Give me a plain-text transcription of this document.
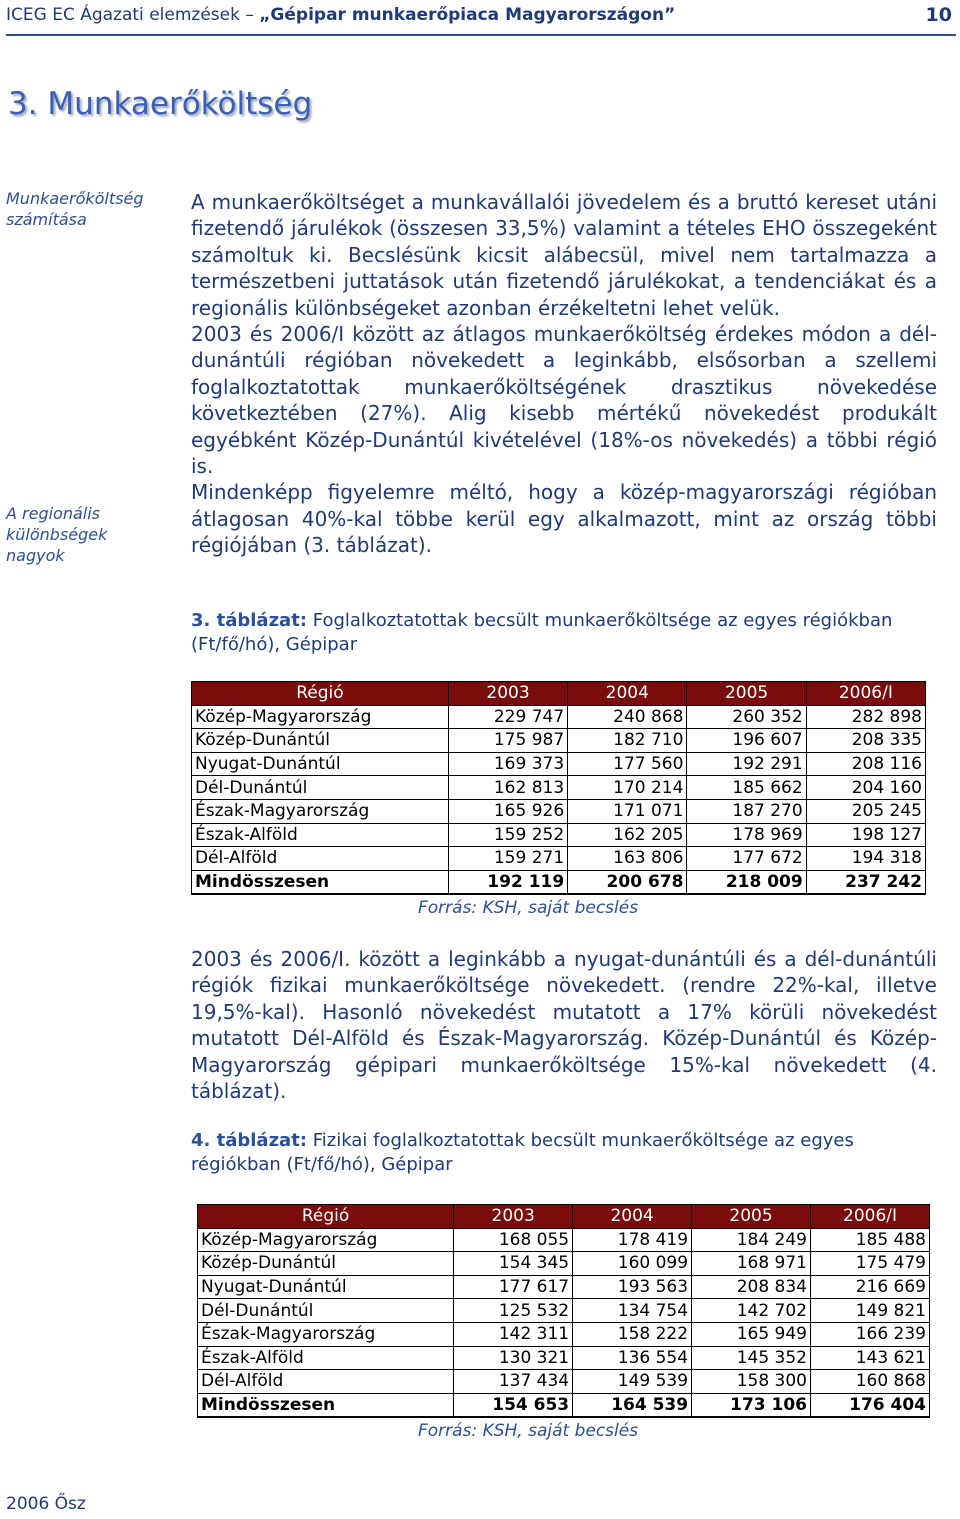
ICEG EC Ágazati elemzések – „Gépipar munkaerőpiaca Magyarországon”	10
3. Munkaerőköltség
Munkaerőköltség számítása
A regionális különbségek nagyok

A munkaerőköltséget a munkavállalói jövedelem és a bruttó kereset utáni fizetendő járulékok (összesen 33,5%) valamint a tételes EHO összegeként számoltuk ki. Becslésünk kicsit alábecsül, mivel nem tartalmazza a természetbeni juttatások után fizetendő járulékokat, a tendenciákat és a regionális különbségeket azonban érzékeltetni lehet velük.

2003 és 2006/I között az átlagos munkaerőköltség érdekes módon a dél-dunántúli régióban növekedett a leginkább, elsősorban a szellemi foglalkoztatottak munkaerőköltségének drasztikus növekedése következtében (27%). Alig kisebb mértékű növekedést produkált egyébként Közép-Dunántúl kivételével (18%-os növekedés) a többi régió is.

Mindenképp figyelemre méltó, hogy a közép-magyarországi régióban átlagosan 40%-kal többe kerül egy alkalmazott, mint az ország többi régiójában (3. táblázat).

3. táblázat: Foglalkoztatottak becsült munkaerőköltsége az egyes régiókban (Ft/fő/hó), Gépipar
Régió	2003	2004	2005	2006/I
Közép-Magyarország	229 747	240 868	260 352	282 898
Közép-Dunántúl	175 987	182 710	196 607	208 335
Nyugat-Dunántúl	169 373	177 560	192 291	208 116
Dél-Dunántúl	162 813	170 214	185 662	204 160
Észak-Magyarország	165 926	171 071	187 270	205 245
Észak-Alföld	159 252	162 205	178 969	198 127
Dél-Alföld	159 271	163 806	177 672	194 318
Mindösszesen	192 119	200 678	218 009	237 242
Forrás: KSH, saját becslés

2003 és 2006/I. között a leginkább a nyugat-dunántúli és a dél-dunántúli régiók fizikai munkaerőköltsége növekedett. (rendre 22%-kal, illetve 19,5%-kal). Hasonló növekedést mutatott a 17% körüli növekedést mutatott Dél-Alföld és Észak-Magyarország. Közép-Dunántúl és Közép-Magyarország gépipari munkaerőköltsége 15%-kal növekedett (4. táblázat).

4. táblázat: Fizikai foglalkoztatottak becsült munkaerőköltsége az egyes régiókban (Ft/fő/hó), Gépipar
Régió	2003	2004	2005	2006/I
Közép-Magyarország	168 055	178 419	184 249	185 488
Közép-Dunántúl	154 345	160 099	168 971	175 479
Nyugat-Dunántúl	177 617	193 563	208 834	216 669
Dél-Dunántúl	125 532	134 754	142 702	149 821
Észak-Magyarország	142 311	158 222	165 949	166 239
Észak-Alföld	130 321	136 554	145 352	143 621
Dél-Alföld	137 434	149 539	158 300	160 868
Mindösszesen	154 653	164 539	173 106	176 404
Forrás: KSH, saját becslés
2006 Ősz
